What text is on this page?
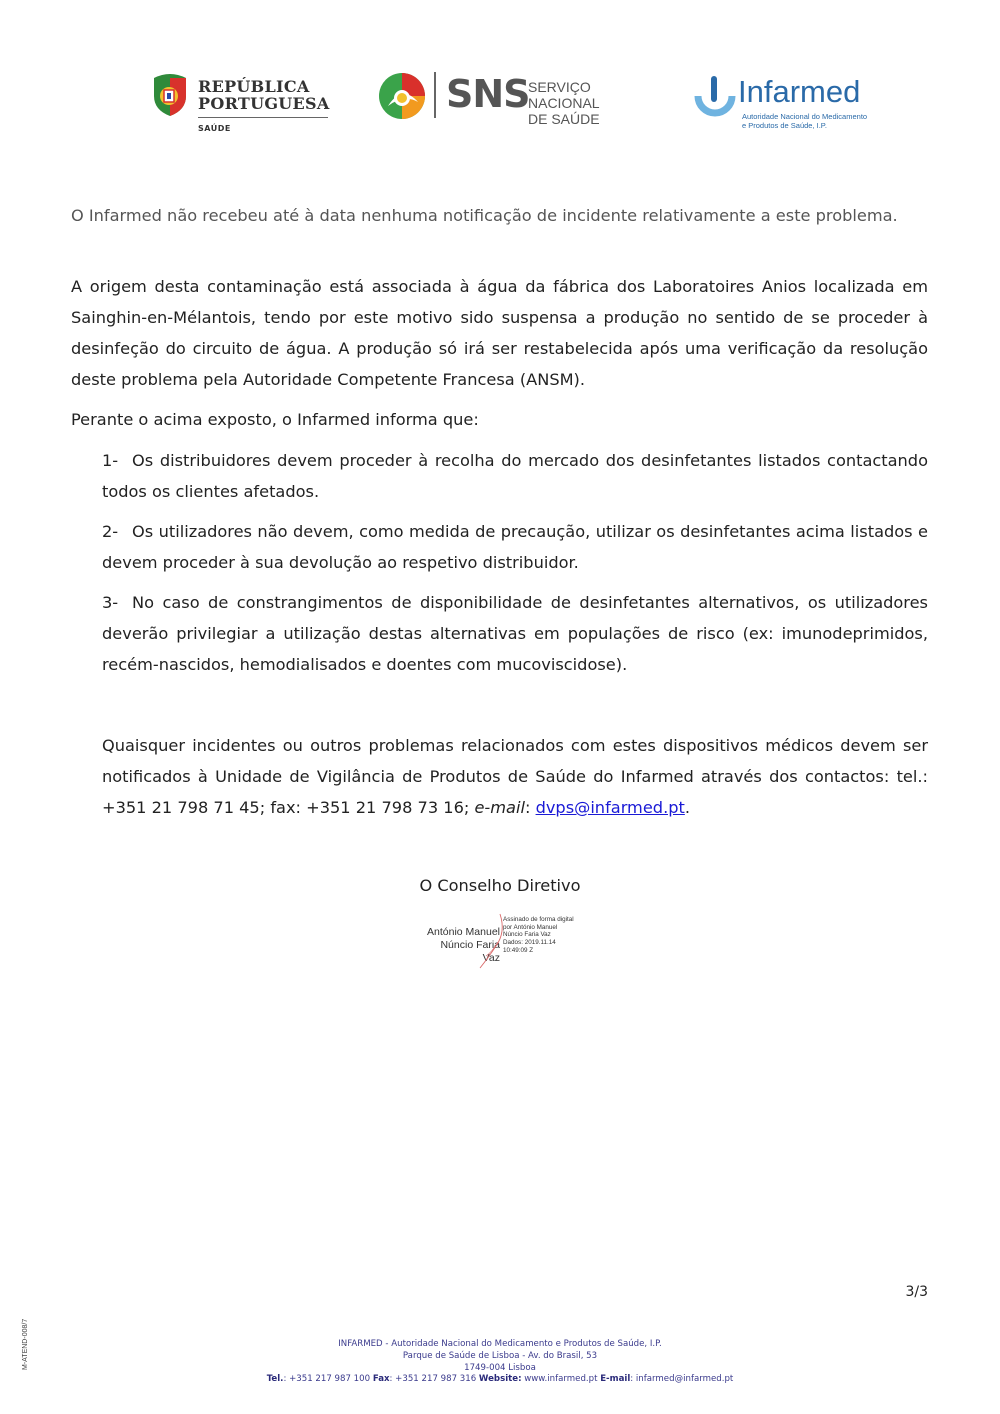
REPÚBLICA
PORTUGUESA
SAÚDE
SNS
SERVIÇO NACIONAL
DE SAÚDE
Infarmed
Autoridade Nacional do Medicamento
e Produtos de Saúde, I.P.

O Infarmed não recebeu até à data nenhuma notificação de incidente relativamente a este problema.

A origem desta contaminação está associada à água da fábrica dos Laboratoires Anios localizada em Sainghin-en-Mélantois, tendo por este motivo sido suspensa a produção no sentido de se proceder à desinfeção do circuito de água. A produção só irá ser restabelecida após uma verificação da resolução deste problema pela Autoridade Competente Francesa (ANSM).

Perante o acima exposto, o Infarmed informa que:

1- Os distribuidores devem proceder à recolha do mercado dos desinfetantes listados contactando todos os clientes afetados.
2- Os utilizadores não devem, como medida de precaução, utilizar os desinfetantes acima listados e devem proceder à sua devolução ao respetivo distribuidor.
3- No caso de constrangimentos de disponibilidade de desinfetantes alternativos, os utilizadores deverão privilegiar a utilização destas alternativas em populações de risco (ex: imunodeprimidos, recém-nascidos, hemodialisados e doentes com mucoviscidose).
Quaisquer incidentes ou outros problemas relacionados com estes dispositivos médicos devem ser notificados à Unidade de Vigilância de Produtos de Saúde do Infarmed através dos contactos: tel.: +351 21 798 71 45; fax: +351 21 798 73 16; e-mail: dvps@infarmed.pt.
O Conselho Diretivo
António Manuel
Núncio Faria Vaz
Assinado de forma digital
por António Manuel
Núncio Faria Vaz
Dados: 2019.11.14
10:49:09 Z
3/3
M-ATEND-008/7	INFARMED - Autoridade Nacional do Medicamento e Produtos de Saúde, I.P.
Parque de Saúde de Lisboa - Av. do Brasil, 53
1749-004 Lisboa
Tel.: +351 217 987 100 Fax: +351 217 987 316 Website: www.infarmed.pt E-mail: infarmed@infarmed.pt
